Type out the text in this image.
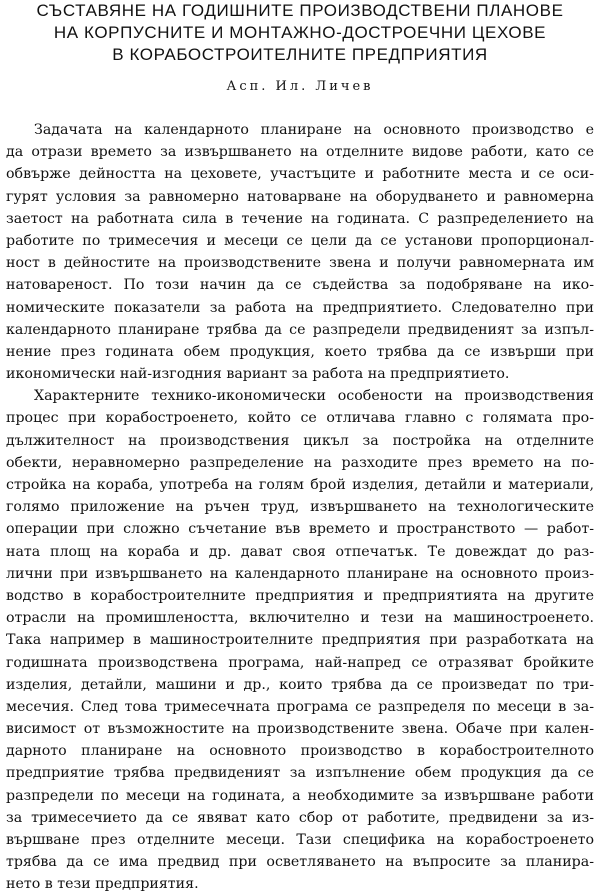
СЪСТАВЯНЕ НА ГОДИШНИТЕ ПРОИЗВОДСТВЕНИ ПЛАНОВЕ
НА КОРПУСНИТЕ И МОНТАЖНО-ДОСТРОЕЧНИ ЦЕХОВЕ
В КОРАБОСТРОИТЕЛНИТЕ ПРЕДПРИЯТИЯ

Асп. Ил. Личев

Задачата на календарното планиране на основното производство е
да отрази времето за извършването на отделните видове работи, като се
обвърже дейността на цеховете, участъците и работните места и се оси-
гурят условия за равномерно натоварване на оборудването и равномерна
заетост на работната сила в течение на годината. С разпределението на
работите по тримесечия и месеци се цели да се установи пропорционал-
ност в дейностите на производствените звена и получи равномерната им
натовареност. По този начин да се съдейства за подобряване на ико-
номическите показатели за работа на предприятието. Следователно при
календарното планиране трябва да се разпредели предвиденият за изпъл-
нение през годината обем продукция, което трябва да се извърши при
икономически най-изгодния вариант за работа на предприятието.
Характерните технико-икономически особености на производствения
процес при корабостроенето, който се отличава главно с голямата про-
дължителност на производствения цикъл за постройка на отделните
обекти, неравномерно разпределение на разходите през времето на по-
стройка на кораба, употреба на голям брой изделия, детайли и материали,
голямо приложение на ръчен труд, извършването на технологическите
операции при сложно съчетание във времето и пространството — работ-
ната площ на кораба и др. дават своя отпечатък. Те довеждат до раз-
лични при извършването на календарното планиране на основното произ-
водство в корабостроителните предприятия и предприятията на другите
отрасли на промишлеността, включително и тези на машиностроенето.
Така например в машиностроителните предприятия при разработката на
годишната производствена програма, най-напред се отразяват бройките
изделия, детайли, машини и др., които трябва да се произведат по три-
месечия. След това тримесечната програма се разпределя по месеци в за-
висимост от възможностите на производствените звена. Обаче при кален-
дарното планиране на основното производство в корабостроителното
предприятие трябва предвиденият за изпълнение обем продукция да се
разпредели по месеци на годината, а необходимите за извършване работи
за тримесечието да се явяват като сбор от работите, предвидени за из-
вършване през отделните месеци. Тази специфика на корабостроенето
трябва да се има предвид при осветляването на въпросите за планира-
нето в тези предприятия.
